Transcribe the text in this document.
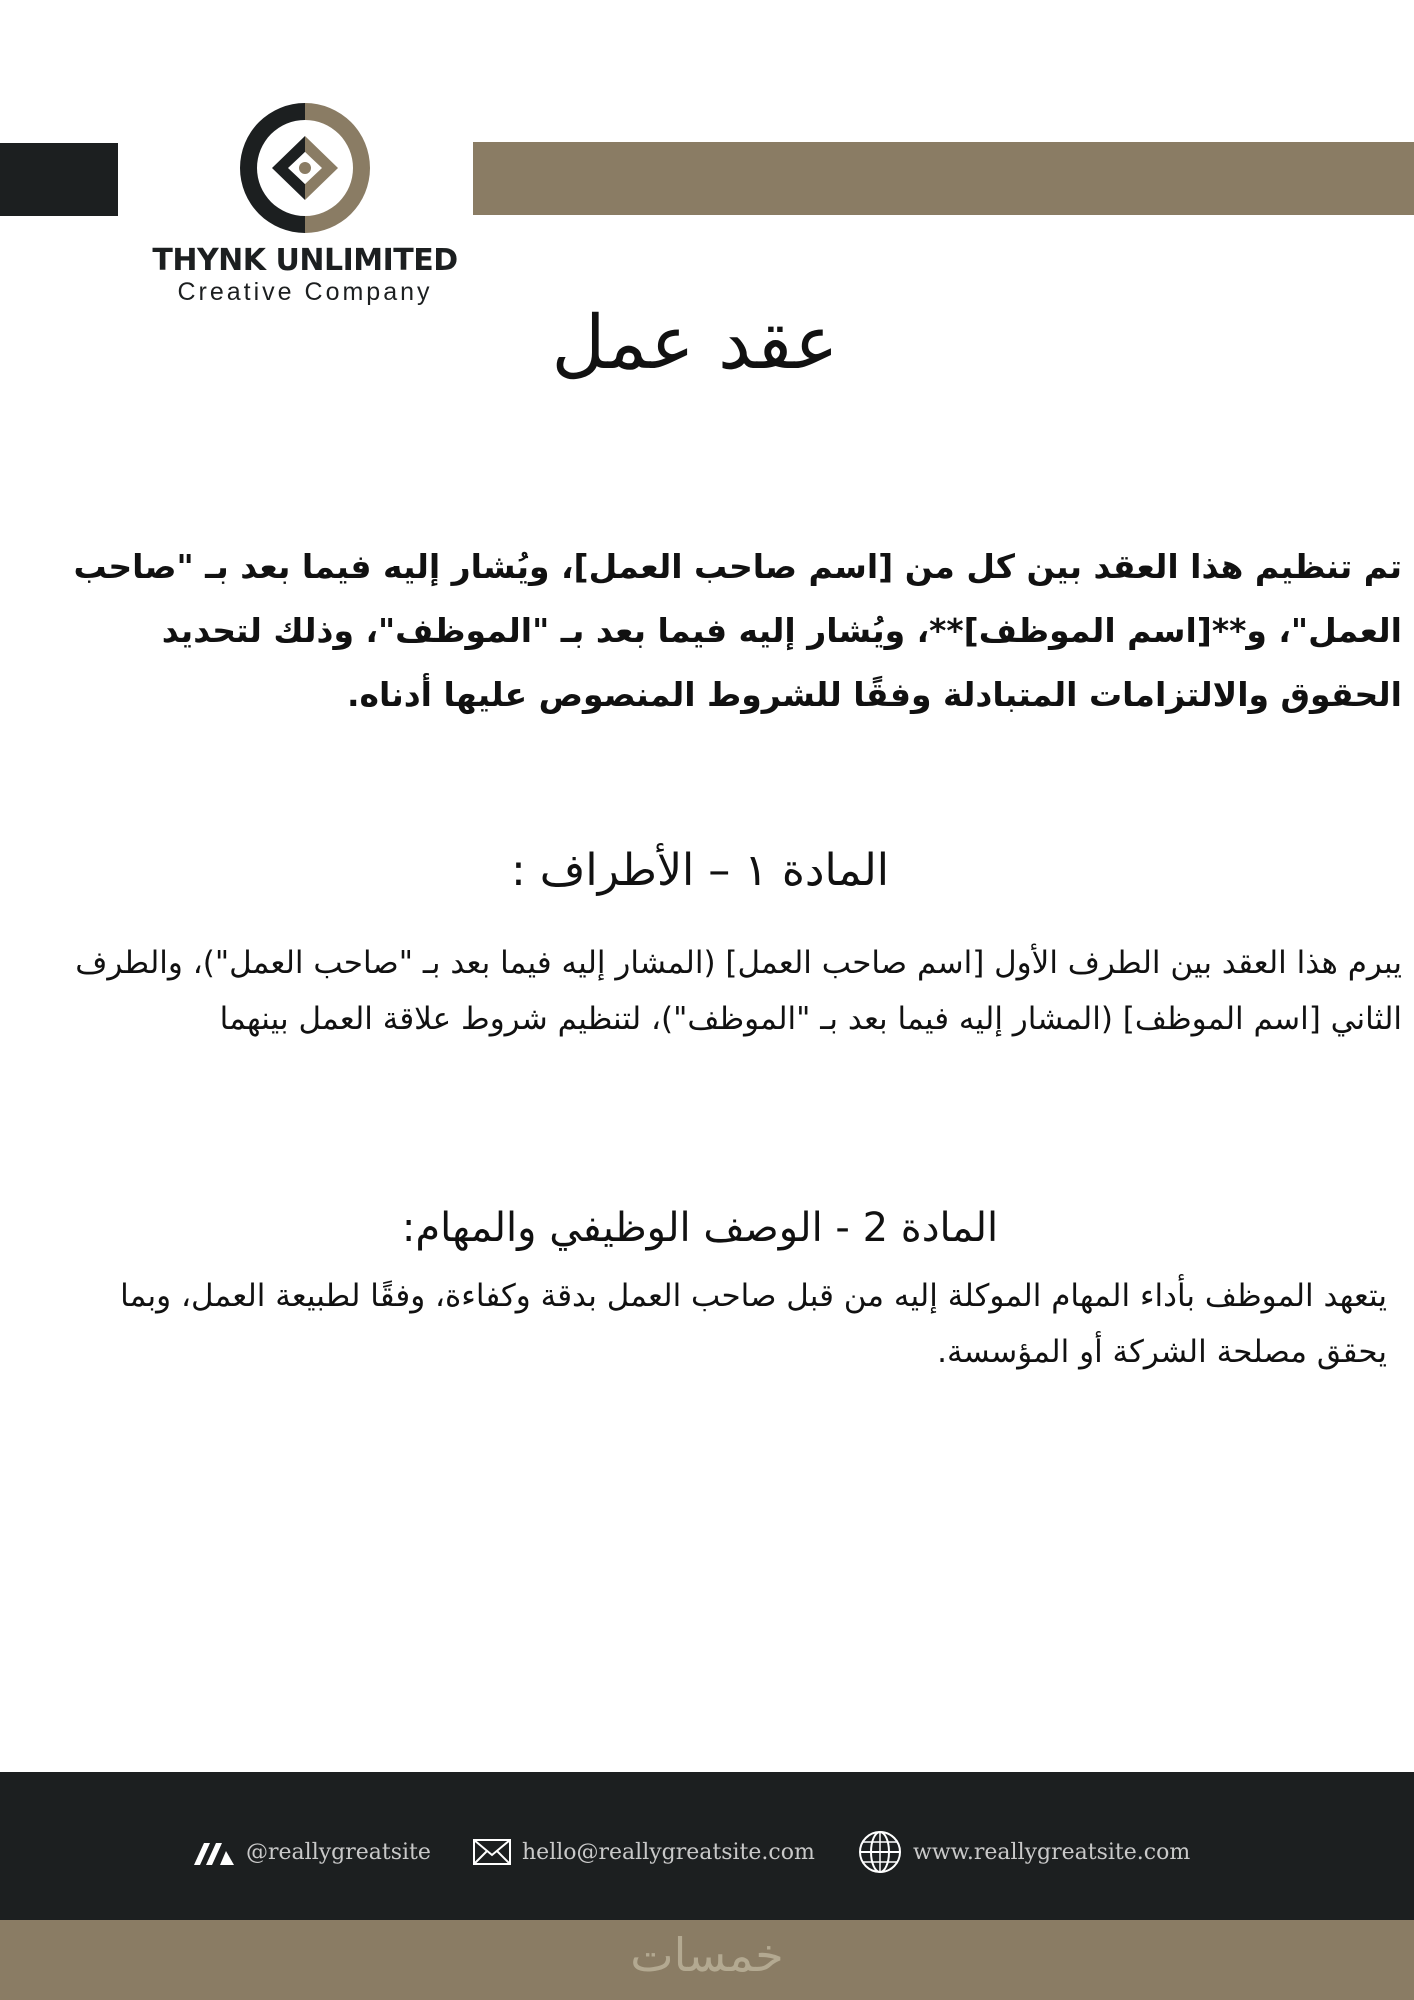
THYNK UNLIMITED
Creative Company
عقد عمل
تم تنظيم هذا العقد بين كل من [اسم صاحب العمل]، ويُشار إليه فيما بعد بـ "صاحب العمل"، و**[اسم الموظف]**، ويُشار إليه فيما بعد بـ "الموظف"، وذلك لتحديد الحقوق والالتزامات المتبادلة وفقًا للشروط المنصوص عليها أدناه.
المادة ١ – الأطراف :
يبرم هذا العقد بين الطرف الأول [اسم صاحب العمل] (المشار إليه فيما بعد بـ "صاحب العمل")، والطرف الثاني [اسم الموظف] (المشار إليه فيما بعد بـ "الموظف")، لتنظيم شروط علاقة العمل بينهما
المادة 2 - الوصف الوظيفي والمهام:
يتعهد الموظف بأداء المهام الموكلة إليه من قبل صاحب العمل بدقة وكفاءة، وفقًا لطبيعة العمل، وبما يحقق مصلحة الشركة أو المؤسسة.
@reallygreatsite	hello@reallygreatsite.com	www.reallygreatsite.com
خمسات
